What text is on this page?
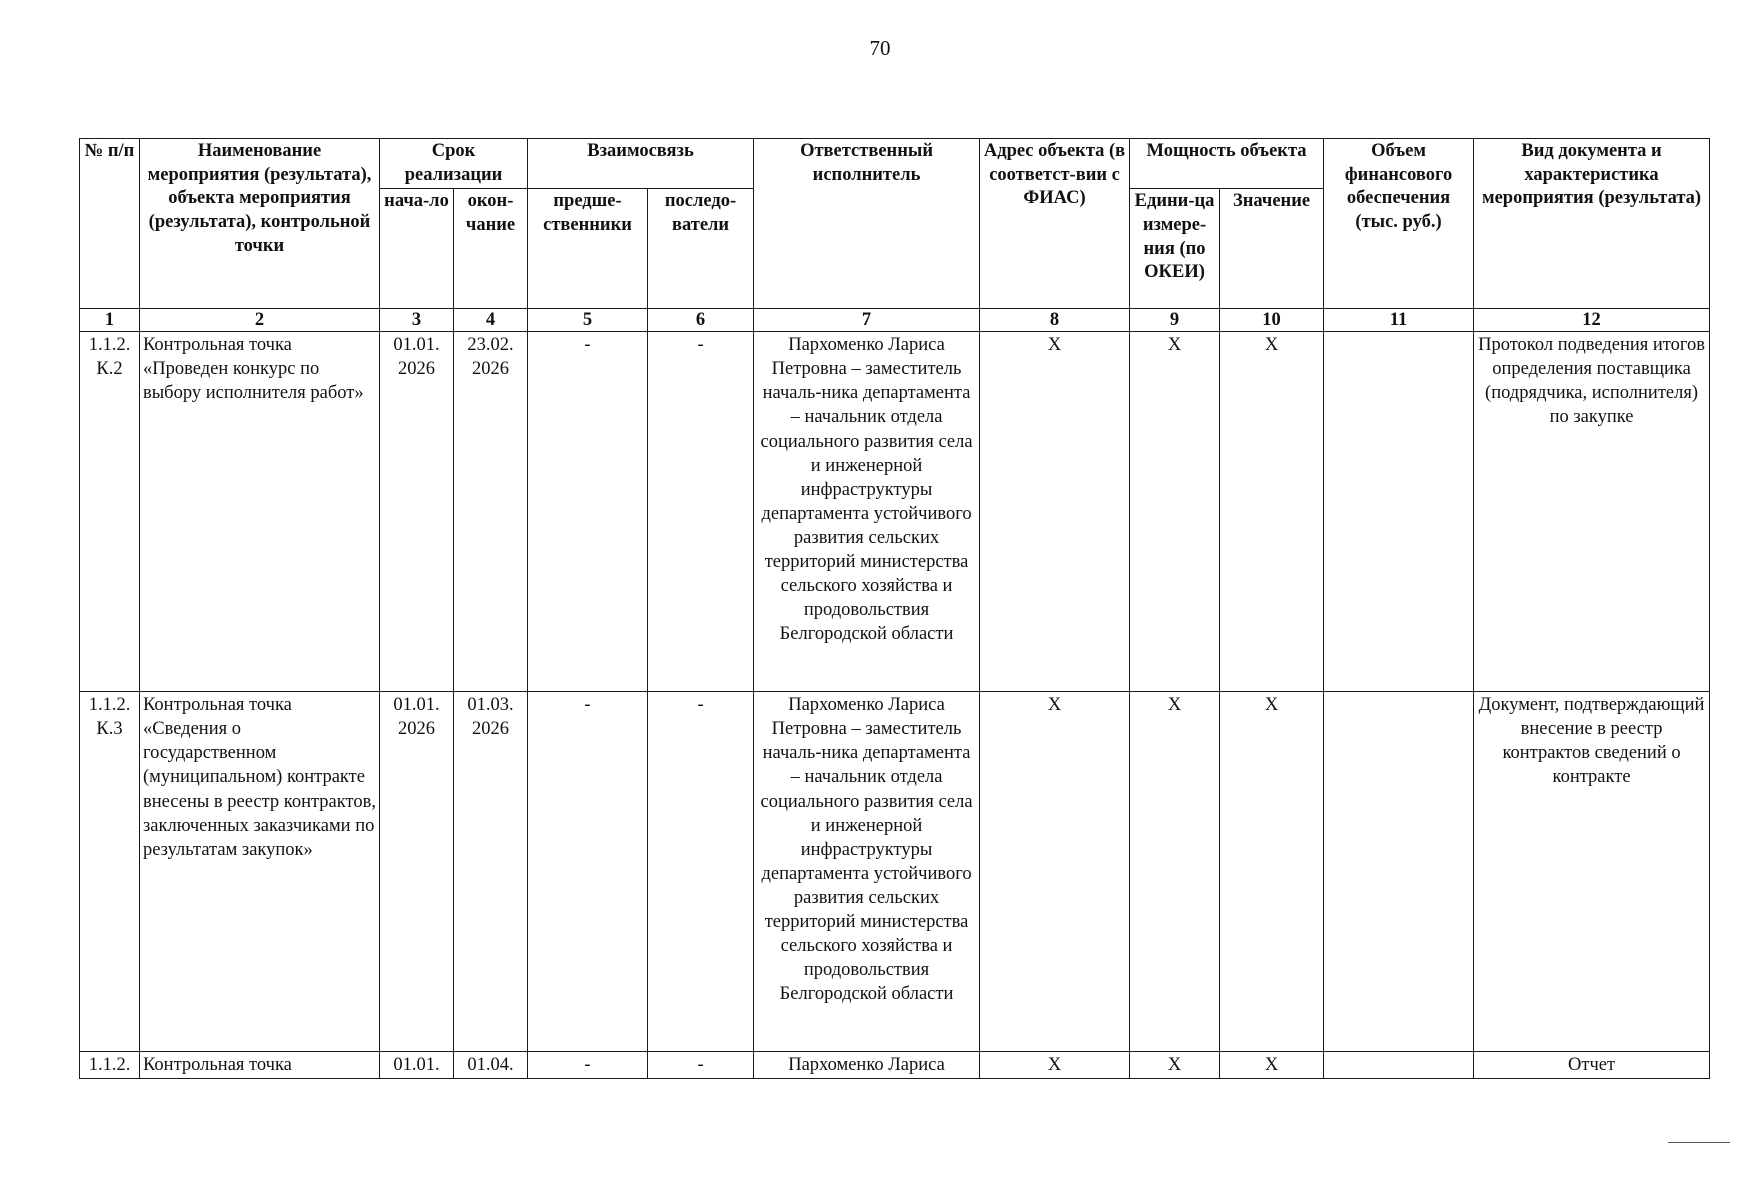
70
№ п/п	Наименование мероприятия (результата), объекта мероприятия (результата), контрольной точки	Срок реализации		Взаимосвязь		Ответственный исполнитель	Адрес объекта (в соответст-вии с ФИАС)	Мощность объекта		Объем финансового обеспечения (тыс. руб.)	Вид документа и характеристика мероприятия (результата)
		нача-ло	окон-чание	предше-ственники	последо-ватели			Едини-ца измере-ния (по ОКЕИ)	Значение		
1	2	3	4	5	6	7	8	9	10	11	12
1.1.2. К.2	Контрольная точка «Проведен конкурс по выбору исполнителя работ»	01.01. 2026	23.02. 2026	-	-	Пархоменко Лариса Петровна – заместитель началь-ника департамента – начальник отдела социального развития села и инженерной инфраструктуры департамента устойчивого развития сельских территорий министерства сельского хозяйства и продовольствия Белгородской области	X	X	X		Протокол подведения итогов определения поставщика (подрядчика, исполнителя) по закупке
1.1.2. К.3	Контрольная точка «Сведения о государственном (муниципальном) контракте внесены в реестр контрактов, заключенных заказчиками по результатам закупок»	01.01. 2026	01.03. 2026	-	-	Пархоменко Лариса Петровна – заместитель началь-ника департамента – начальник отдела социального развития села и инженерной инфраструктуры департамента устойчивого развития сельских территорий министерства сельского хозяйства и продовольствия Белгородской области	X	X	X		Документ, подтверждающий внесение в реестр контрактов сведений о контракте
1.1.2.	Контрольная точка	01.01.	01.04.	-	-	Пархоменко Лариса	X	X	X		Отчет
